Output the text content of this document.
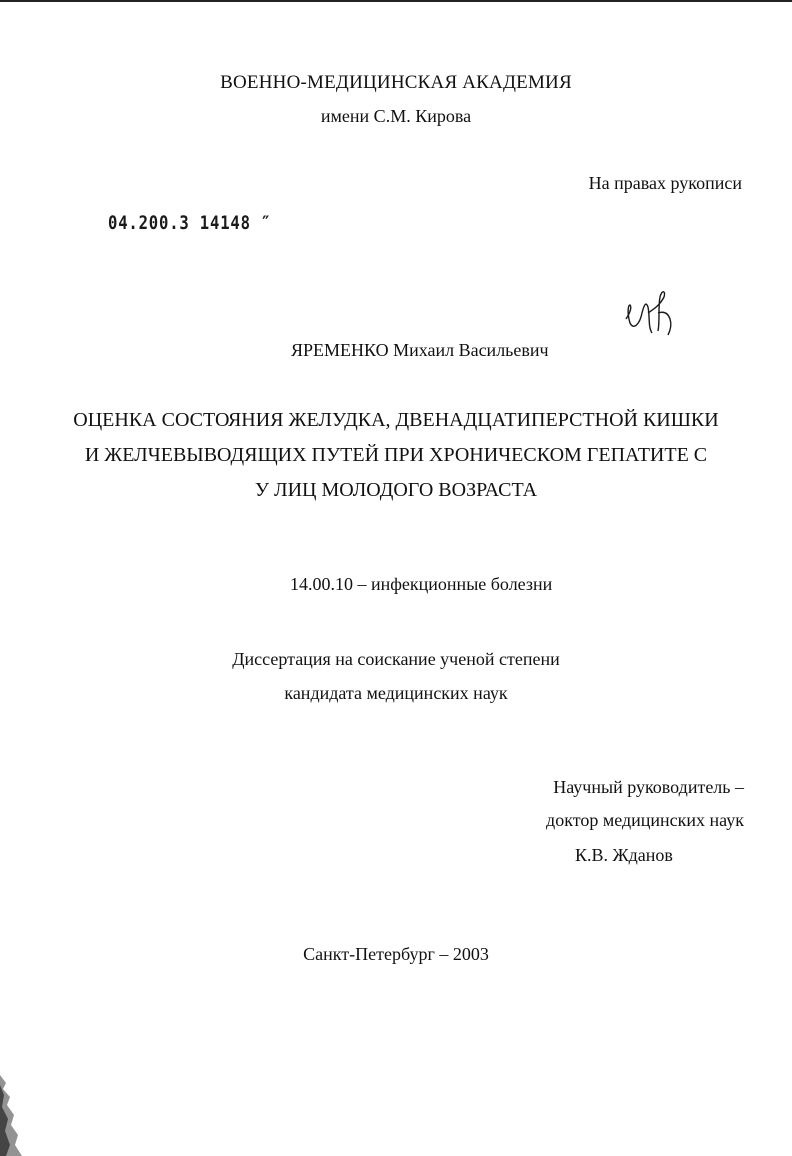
ВОЕННО-МЕДИЦИНСКАЯ АКАДЕМИЯ
имени С.М. Кирова
На правах рукописи
04.200.3 14148 ″
ЯРЕМЕНКО Михаил Васильевич
ОЦЕНКА СОСТОЯНИЯ ЖЕЛУДКА, ДВЕНАДЦАТИПЕРСТНОЙ КИШКИ
И ЖЕЛЧЕВЫВОДЯЩИХ ПУТЕЙ ПРИ ХРОНИЧЕСКОМ ГЕПАТИТЕ С
У ЛИЦ МОЛОДОГО ВОЗРАСТА
14.00.10 – инфекционные болезни
Диссертация на соискание ученой степени
кандидата медицинских наук
Научный руководитель –
доктор медицинских наук
К.В. Жданов
Санкт-Петербург – 2003
